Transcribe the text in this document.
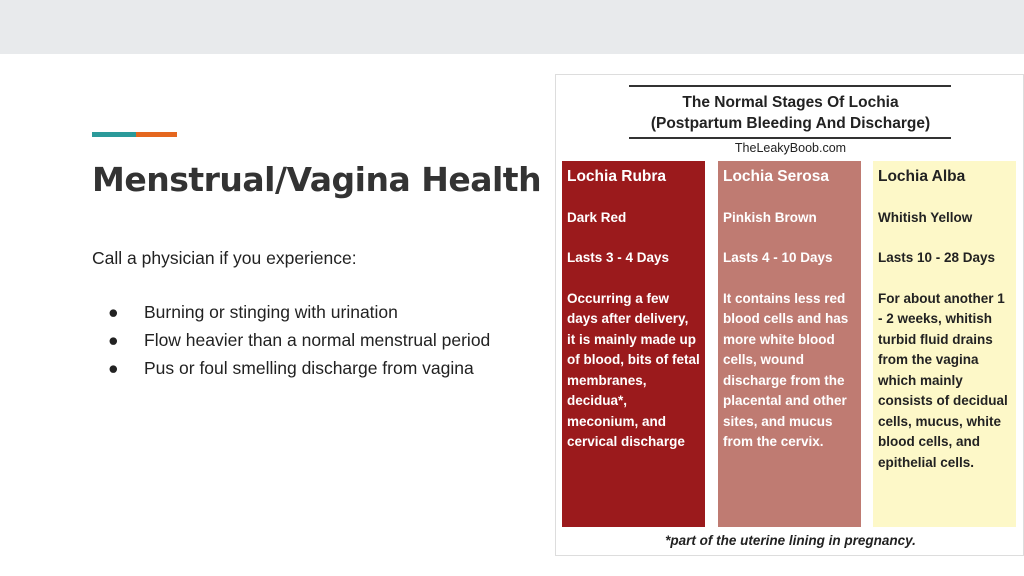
Menstrual/Vagina Health
Call a physician if you experience:
● Burning or stinging with urination
● Flow heavier than a normal menstrual period
● Pus or foul smelling discharge from vagina
The Normal Stages Of Lochia
(Postpartum Bleeding And Discharge)
TheLeakyBoob.com
Lochia Rubra

Dark Red

Lasts 3 - 4 Days

Occurring a few days after delivery, it is mainly made up of blood, bits of fetal membranes, decidua*, meconium, and cervical discharge

Lochia Serosa

Pinkish Brown

Lasts 4 - 10 Days

It contains less red blood cells and has more white blood cells, wound discharge from the placental and other sites, and mucus from the cervix.

Lochia Alba

Whitish Yellow

Lasts 10 - 28 Days

For about another 1 - 2 weeks, whitish turbid fluid drains from the vagina which mainly consists of decidual cells, mucus, white blood cells, and epithelial cells.

*part of the uterine lining in pregnancy.
